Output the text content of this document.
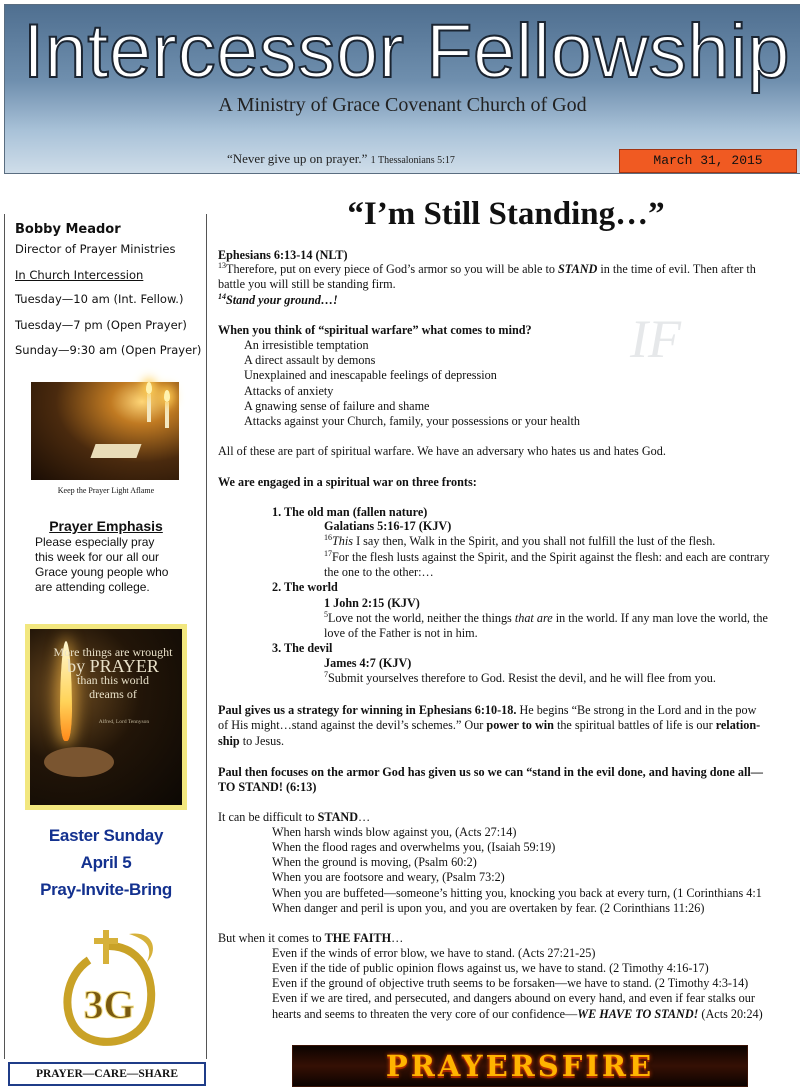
Intercessor Fellowship
A Ministry of Grace Covenant Church of God
“Never give up on prayer.” 1 Thessalonians 5:17	March 31, 2015
Bobby Meador
Director of Prayer Ministries
In Church Intercession
Tuesday—10 am (Int. Fellow.)
Tuesday—7 pm (Open Prayer)
Sunday—9:30 am (Open Prayer)
Keep the Prayer Light Aflame
Prayer Emphasis
Please especially pray
this week for our all our
Grace young people who
are attending college.
More things are wrought
by PRAYER
than this world
dreams of
Alfred, Lord Tennyson
Easter Sunday
April 5
Pray-Invite-Bring
3G
PRAYER—CARE—SHARE
“I’m Still Standing…”
IF
Ephesians 6:13-14 (NLT)
$^{13}$Therefore, put on every piece of God’s armor so you will be able to STAND in the time of evil. Then after th
battle you will still be standing firm.
$^{14}$Stand your ground…!
When you think of “spiritual warfare” what comes to mind?
An irresistible temptation
A direct assault by demons
Unexplained and inescapable feelings of depression
Attacks of anxiety
A gnawing sense of failure and shame
Attacks against your Church, family, your possessions or your health
All of these are part of spiritual warfare. We have an adversary who hates us and hates God.
We are engaged in a spiritual war on three fronts:
1. The old man (fallen nature)
Galatians 5:16-17 (KJV)
$^{16}$This I say then, Walk in the Spirit, and you shall not fulfill the lust of the flesh.
$^{17}$For the flesh lusts against the Spirit, and the Spirit against the flesh: and each are contrary
the one to the other:…
2. The world
1 John 2:15 (KJV)
$^5$Love not the world, neither the things that are in the world. If any man love the world, the
love of the Father is not in him.
3. The devil
James 4:7 (KJV)
$^7$Submit yourselves therefore to God. Resist the devil, and he will flee from you.
Paul gives us a strategy for winning in Ephesians 6:10-18. He begins “Be strong in the Lord and in the pow
of His might…stand against the devil’s schemes.” Our power to win the spiritual battles of life is our relation-
ship to Jesus.
Paul then focuses on the armor God has given us so we can “stand in the evil done, and having done all—
TO STAND! (6:13)
It can be difficult to STAND…
When harsh winds blow against you, (Acts 27:14)
When the flood rages and overwhelms you, (Isaiah 59:19)
When the ground is moving, (Psalm 60:2)
When you are footsore and weary, (Psalm 73:2)
When you are buffeted—someone’s hitting you, knocking you back at every turn, (1 Corinthians 4:1
When danger and peril is upon you, and you are overtaken by fear. (2 Corinthians 11:26)
But when it comes to THE FAITH…
Even if the winds of error blow, we have to stand. (Acts 27:21-25)
Even if the tide of public opinion flows against us, we have to stand. (2 Timothy 4:16-17)
Even if the ground of objective truth seems to be forsaken—we have to stand. (2 Timothy 4:3-14)
Even if we are tired, and persecuted, and dangers abound on every hand, and even if fear stalks our
hearts and seems to threaten the very core of our confidence—WE HAVE TO STAND! (Acts 20:24)
PRAYERSFIRE
